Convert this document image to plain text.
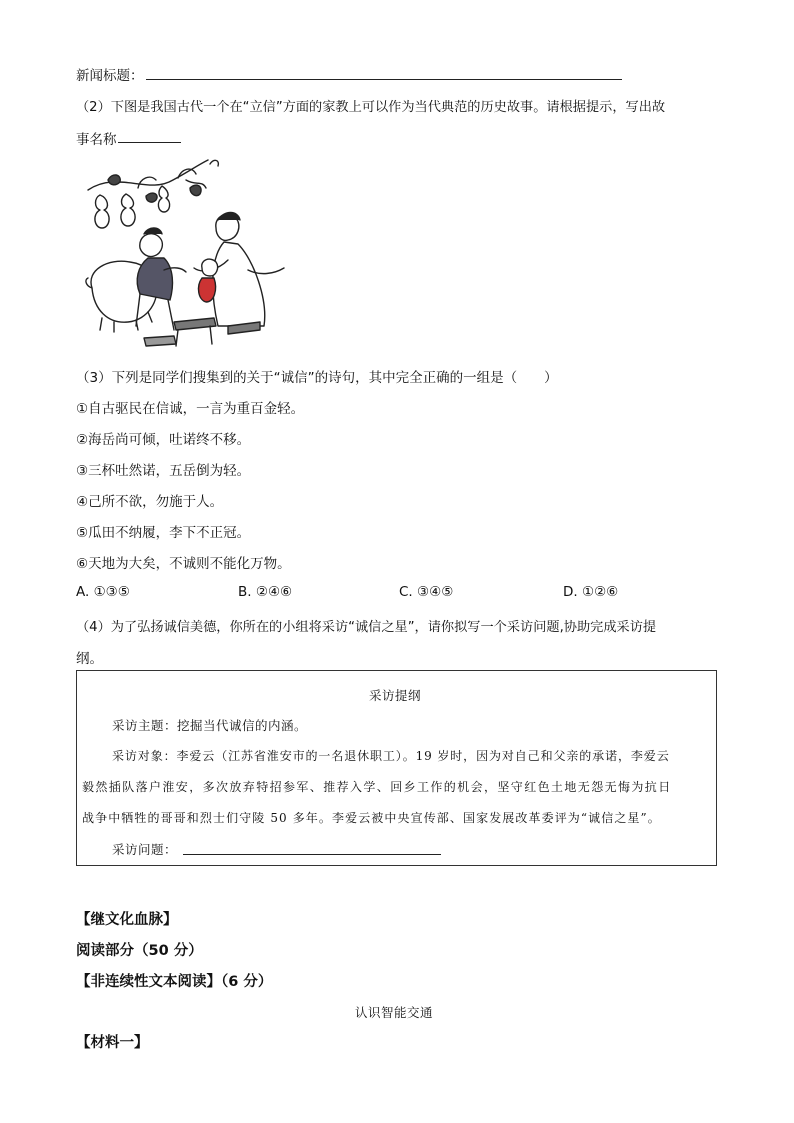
新闻标题：
（2）下图是我国古代一个在“立信”方面的家教上可以作为当代典范的历史故事。请根据提示，写出故
事名称
（3）下列是同学们搜集到的关于“诚信”的诗句，其中完全正确的一组是（　　）
①自古驱民在信诚，一言为重百金轻。
②海岳尚可倾，吐诺终不移。
③三杯吐然诺，五岳倒为轻。
④己所不欲，勿施于人。
⑤瓜田不纳履，李下不正冠。
⑥天地为大矣，不诚则不能化万物。
A. ①③⑤	B. ②④⑥	C. ③④⑤	D. ①②⑥
（4）为了弘扬诚信美德，你所在的小组将采访“诚信之星”，请你拟写一个采访问题,协助完成采访提
纲。
采访提纲
采访主题：挖掘当代诚信的内涵。
采访对象：李爱云（江苏省淮安市的一名退休职工）。19 岁时，因为对自己和父亲的承诺，李爱云
毅然插队落户淮安，多次放弃特招参军、推荐入学、回乡工作的机会，坚守红色土地无怨无悔为抗日
战争中牺牲的哥哥和烈士们守陵 50 多年。李爱云被中央宣传部、国家发展改革委评为“诚信之星”。
采访问题：
【继文化血脉】
阅读部分（50 分）
【非连续性文本阅读】（6 分）
认识智能交通
【材料一】
